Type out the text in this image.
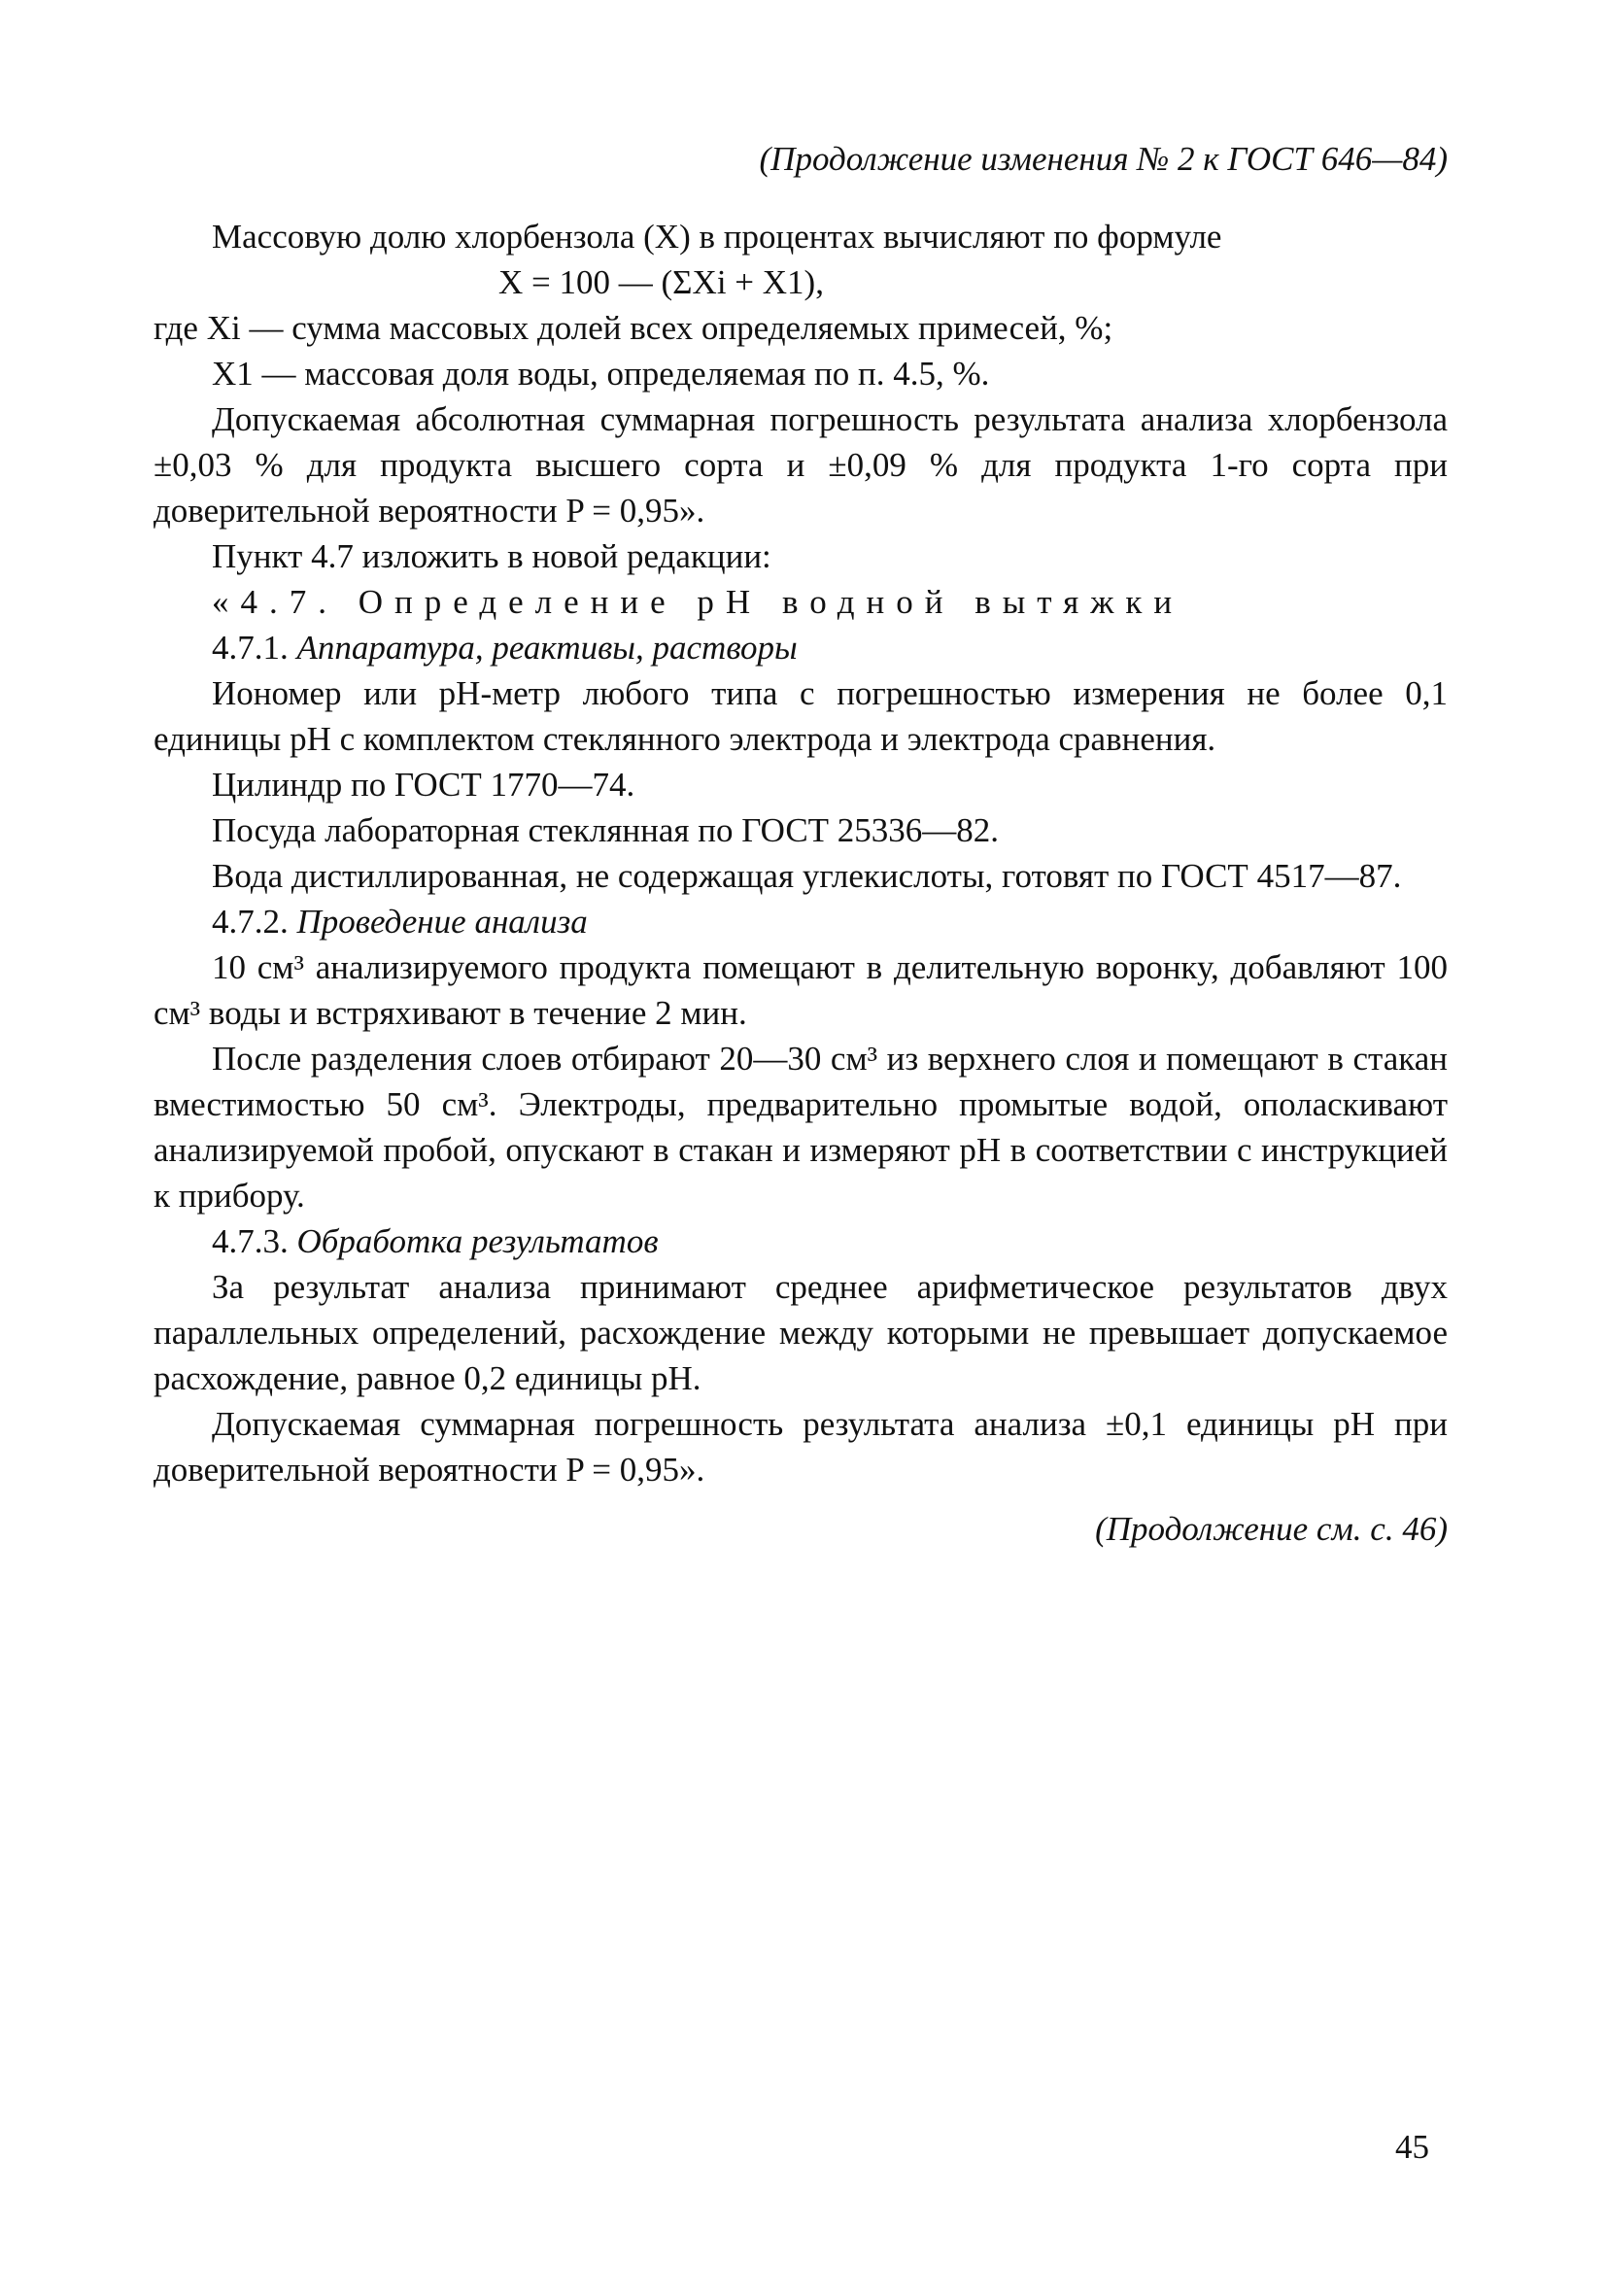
(Продолжение изменения № 2 к ГОСТ 646—84)

Массовую долю хлорбензола (X) в процентах вычисляют по формуле

X = 100 — (ΣXi + X1),

где Xi — сумма массовых долей всех определяемых примесей, %;

X1 — массовая доля воды, определяемая по п. 4.5, %.

Допускаемая абсолютная суммарная погрешность результата анализа хлорбензола ±0,03 % для продукта высшего сорта и ±0,09 % для продукта 1-го сорта при доверительной вероятности P = 0,95».

Пункт 4.7 изложить в новой редакции:

«4.7. Определение pH водной вытяжки

4.7.1. Аппаратура, реактивы, растворы

Иономер или pH-метр любого типа с погрешностью измерения не более 0,1 единицы pH с комплектом стеклянного электрода и электрода сравнения.

Цилиндр по ГОСТ 1770—74.

Посуда лабораторная стеклянная по ГОСТ 25336—82.

Вода дистиллированная, не содержащая углекислоты, готовят по ГОСТ 4517—87.

4.7.2. Проведение анализа

10 см³ анализируемого продукта помещают в делительную воронку, добавляют 100 см³ воды и встряхивают в течение 2 мин.

После разделения слоев отбирают 20—30 см³ из верхнего слоя и помещают в стакан вместимостью 50 см³. Электроды, предварительно промытые водой, ополаскивают анализируемой пробой, опускают в стакан и измеряют pH в соответствии с инструкцией к прибору.

4.7.3. Обработка результатов

За результат анализа принимают среднее арифметическое результатов двух параллельных определений, расхождение между которыми не превышает допускаемое расхождение, равное 0,2 единицы pH.

Допускаемая суммарная погрешность результата анализа ±0,1 единицы pH при доверительной вероятности P = 0,95».

(Продолжение см. с. 46)
45
